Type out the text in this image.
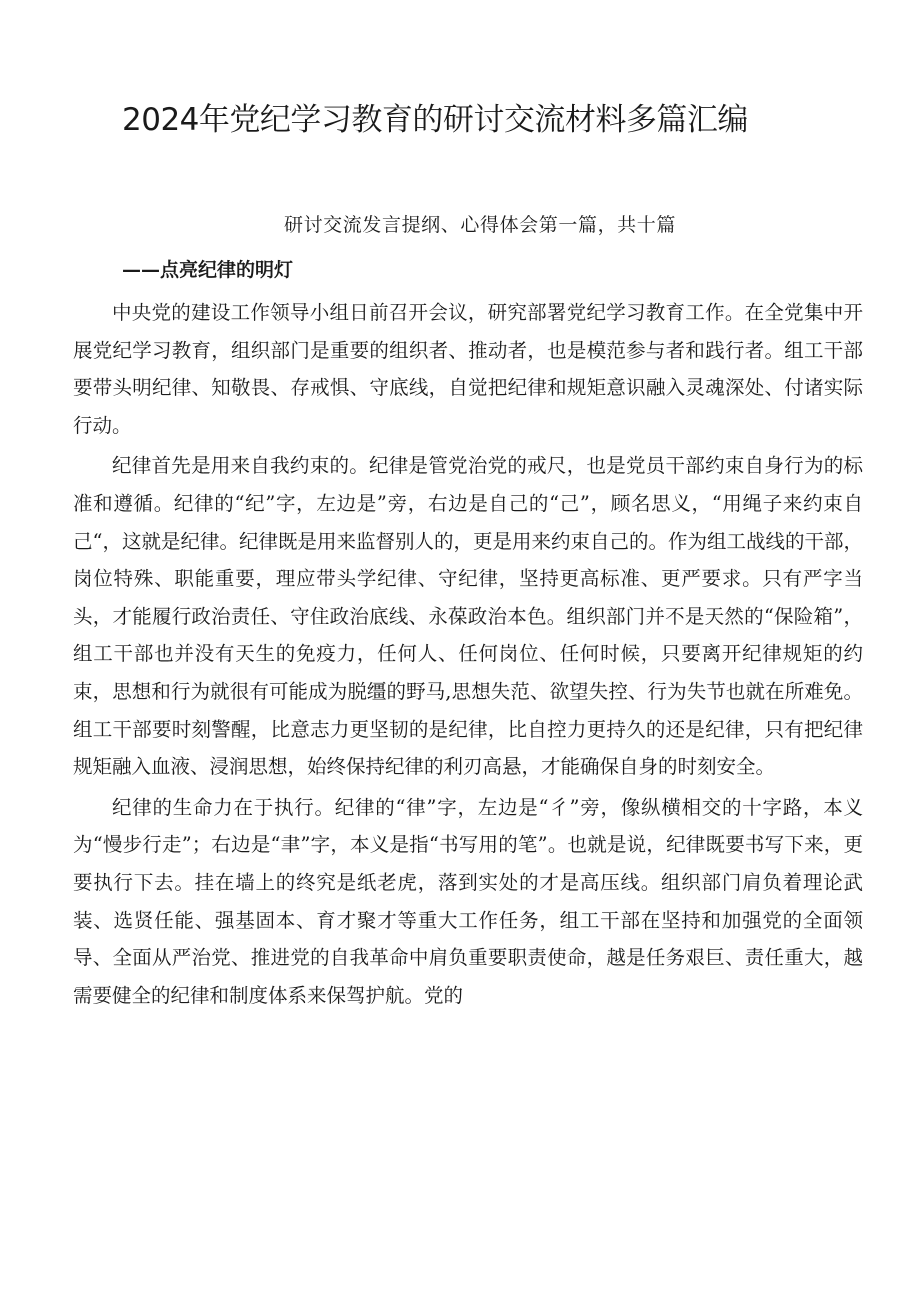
2024年党纪学习教育的研讨交流材料多篇汇编
研讨交流发言提纲、心得体会第一篇，共十篇
——点亮纪律的明灯

中央党的建设工作领导小组日前召开会议，研究部署党纪学习教育工作。在全党集中开展党纪学习教育，组织部门是重要的组织者、推动者，也是模范参与者和践行者。组工干部要带头明纪律、知敬畏、存戒惧、守底线，自觉把纪律和规矩意识融入灵魂深处、付诸实际行动。

纪律首先是用来自我约束的。纪律是管党治党的戒尺，也是党员干部约束自身行为的标准和遵循。纪律的“纪”字，左边是”旁，右边是自己的“己”，顾名思义，“用绳子来约束自己“，这就是纪律。纪律既是用来监督别人的，更是用来约束自己的。作为组工战线的干部，岗位特殊、职能重要，理应带头学纪律、守纪律，坚持更高标准、更严要求。只有严字当头，才能履行政治责任、守住政治底线、永葆政治本色。组织部门并不是天然的“保险箱”，组工干部也并没有天生的免疫力，任何人、任何岗位、任何时候，只要离开纪律规矩的约束，思想和行为就很有可能成为脱缰的野马,思想失范、欲望失控、行为失节也就在所难免。组工干部要时刻警醒，比意志力更坚韧的是纪律，比自控力更持久的还是纪律，只有把纪律规矩融入血液、浸润思想，始终保持纪律的利刃高悬，才能确保自身的时刻安全。

纪律的生命力在于执行。纪律的“律”字，左边是“彳”旁，像纵横相交的十字路，本义为“慢步行走”；右边是“聿”字，本义是指“书写用的笔”。也就是说，纪律既要书写下来，更要执行下去。挂在墙上的终究是纸老虎，落到实处的才是高压线。组织部门肩负着理论武装、选贤任能、强基固本、育才聚才等重大工作任务，组工干部在坚持和加强党的全面领导、全面从严治党、推进党的自我革命中肩负重要职责使命，越是任务艰巨、责任重大，越需要健全的纪律和制度体系来保驾护航。党的
